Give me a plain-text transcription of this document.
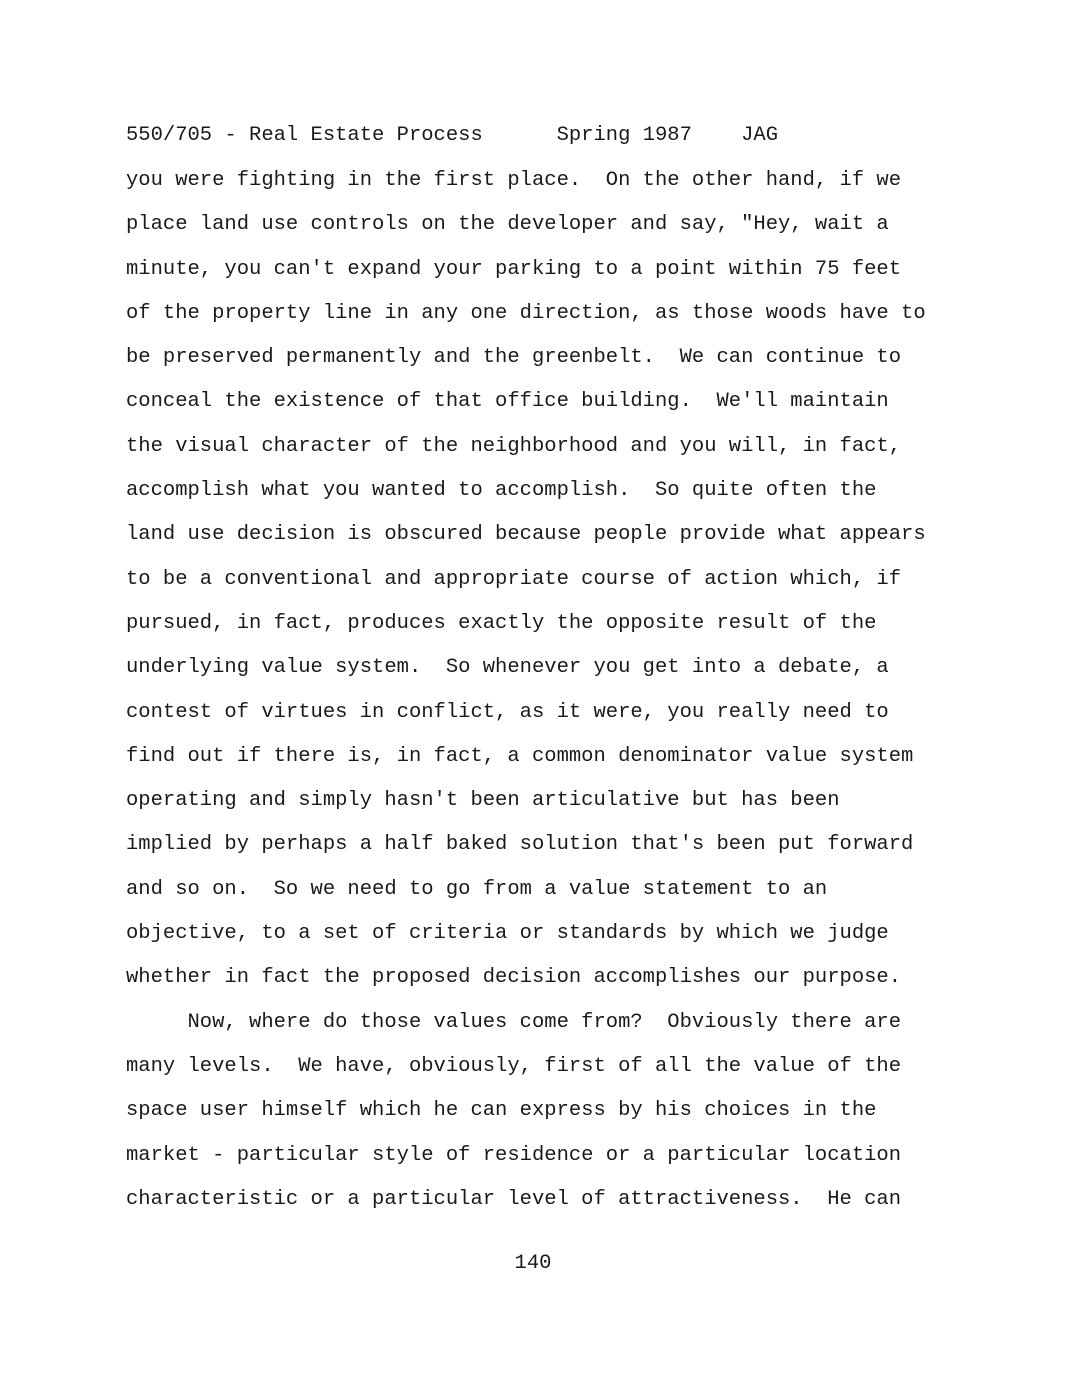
550/705 - Real Estate Process	Spring 1987 JAG
you were fighting in the first place.  On the other hand, if we
place land use controls on the developer and say, "Hey, wait a
minute, you can't expand your parking to a point within 75 feet
of the property line in any one direction, as those woods have to
be preserved permanently and the greenbelt.  We can continue to
conceal the existence of that office building.  We'll maintain
the visual character of the neighborhood and you will, in fact,
accomplish what you wanted to accomplish.  So quite often the
land use decision is obscured because people provide what appears
to be a conventional and appropriate course of action which, if
pursued, in fact, produces exactly the opposite result of the
underlying value system.  So whenever you get into a debate, a
contest of virtues in conflict, as it were, you really need to
find out if there is, in fact, a common denominator value system
operating and simply hasn't been articulative but has been
implied by perhaps a half baked solution that's been put forward
and so on.  So we need to go from a value statement to an
objective, to a set of criteria or standards by which we judge
whether in fact the proposed decision accomplishes our purpose.
Now, where do those values come from?  Obviously there are
many levels.  We have, obviously, first of all the value of the
space user himself which he can express by his choices in the
market - particular style of residence or a particular location
characteristic or a particular level of attractiveness.  He can
140
